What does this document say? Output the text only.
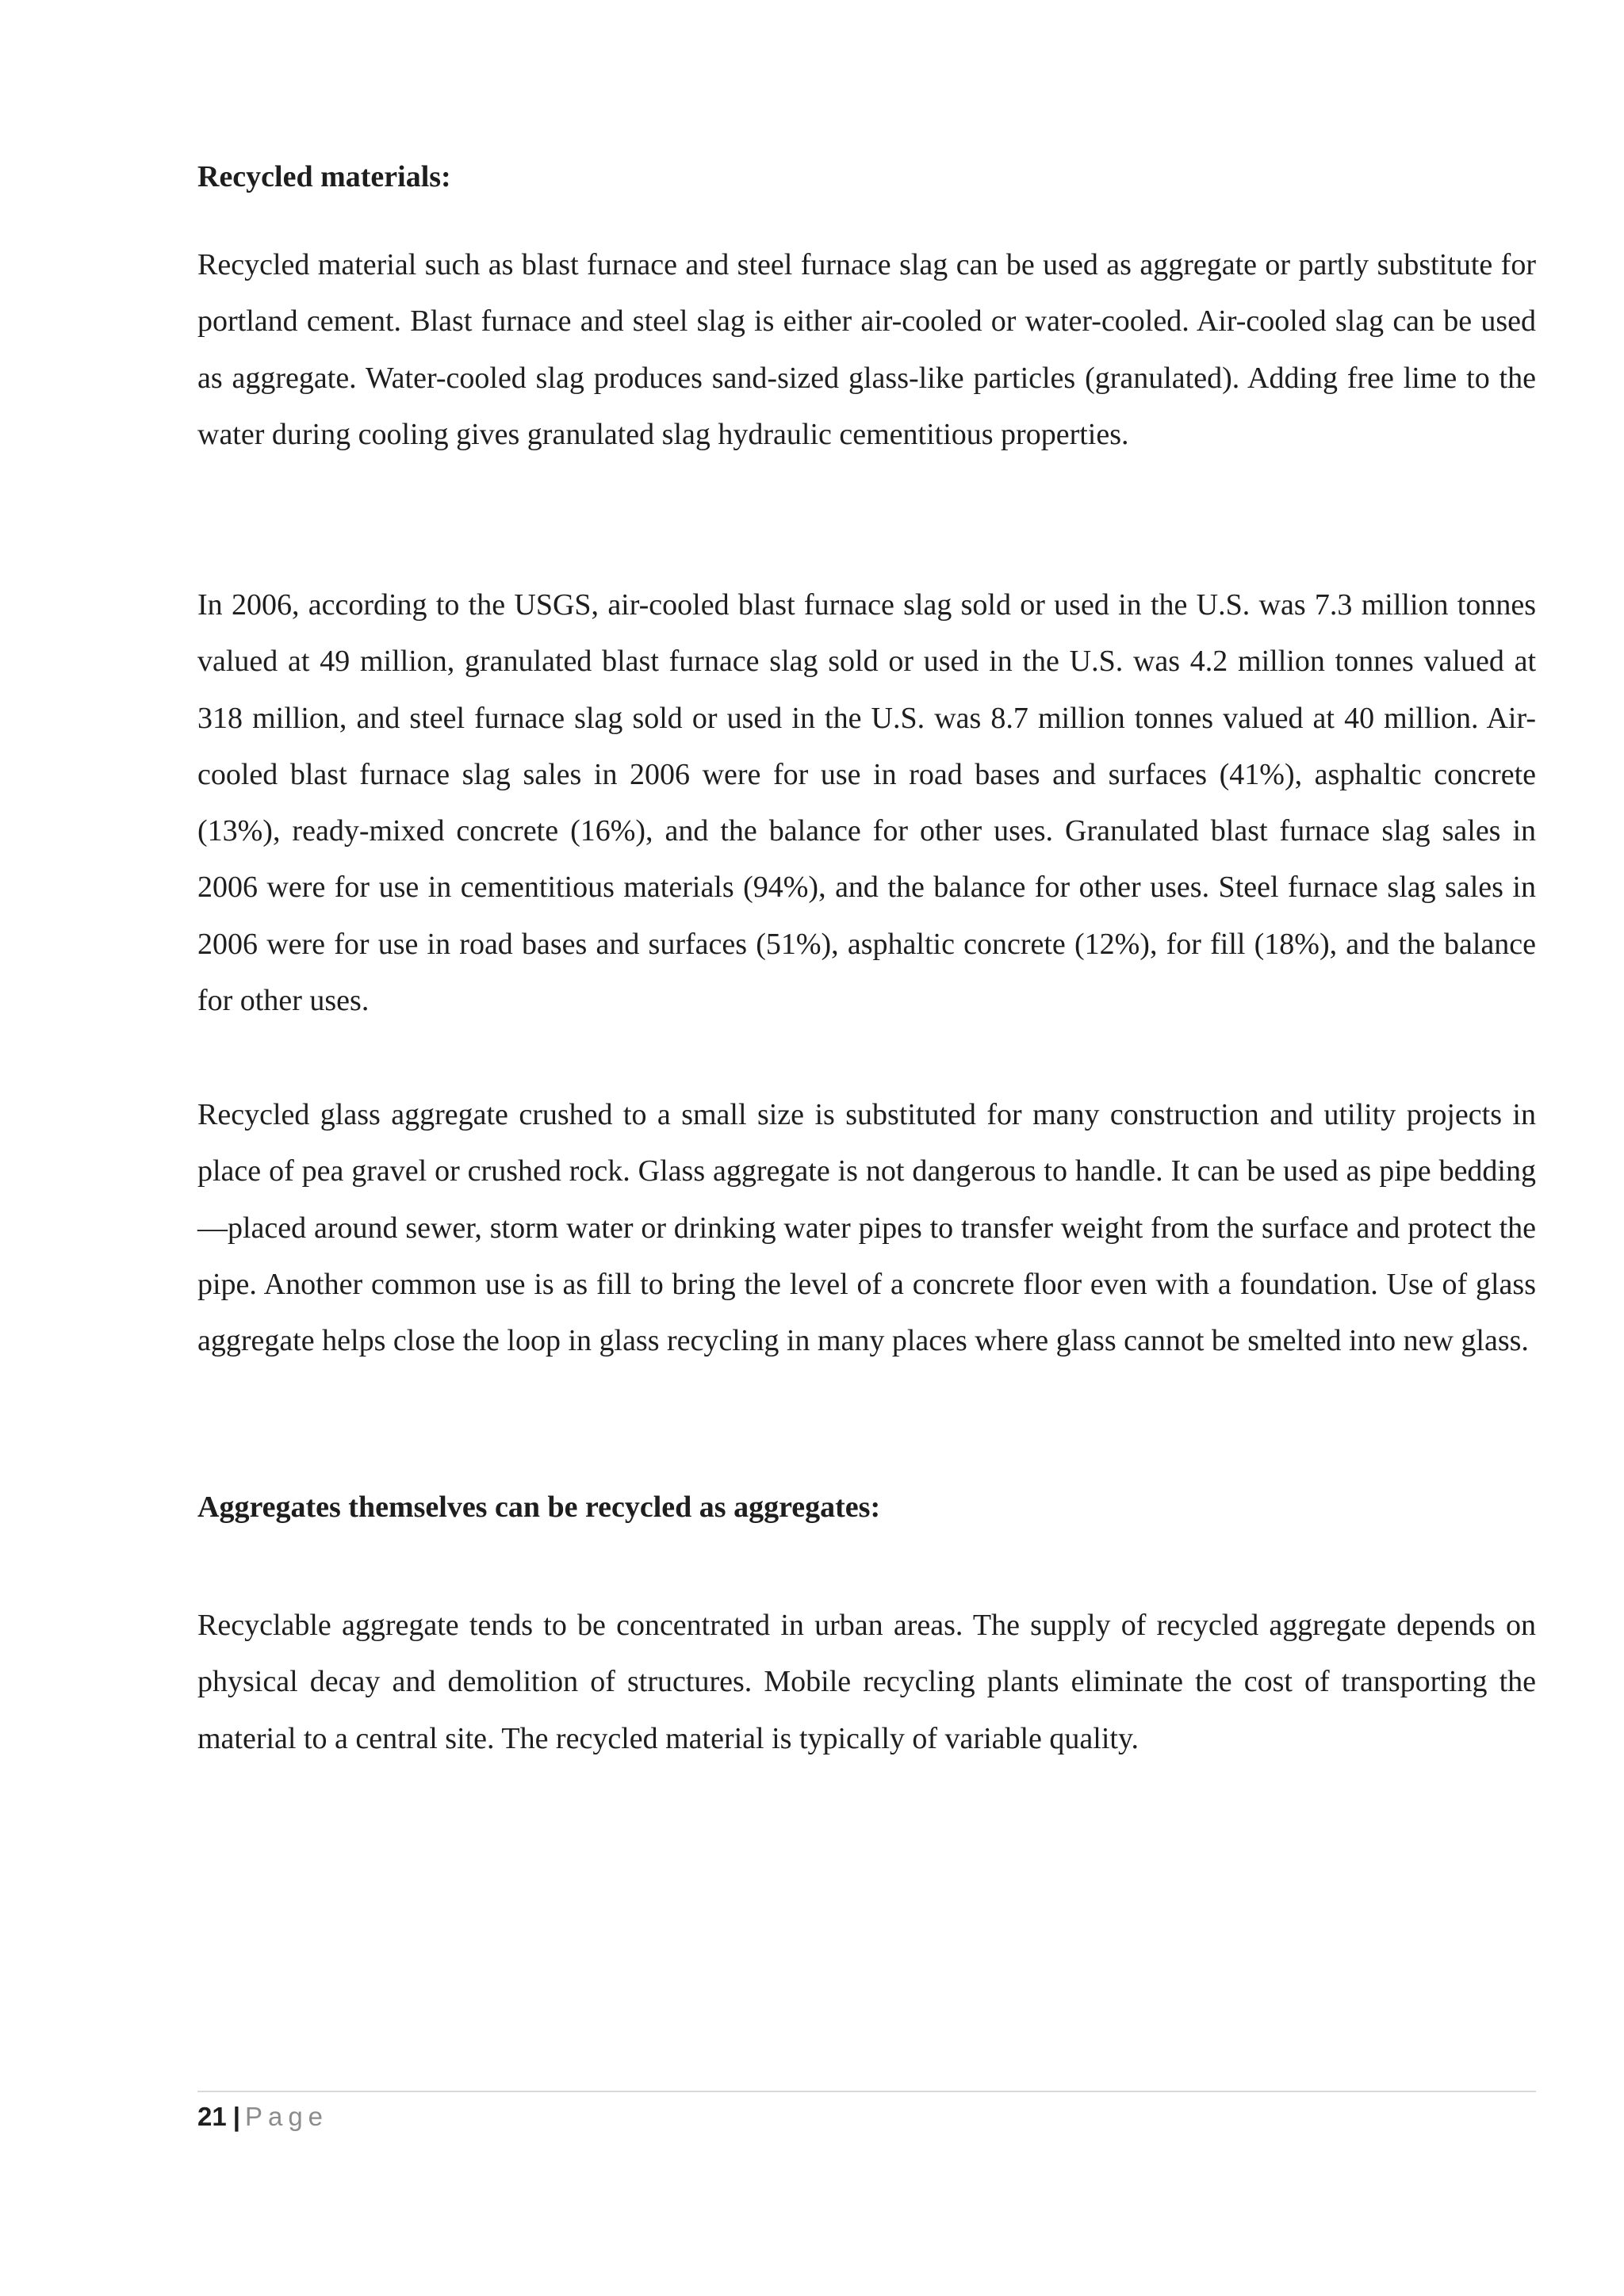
Recycled materials:

Recycled material such as blast furnace and steel furnace slag can be used as aggregate or partly substitute for portland cement. Blast furnace and steel slag is either air-cooled or water-cooled. Air-cooled slag can be used as aggregate. Water-cooled slag produces sand-sized glass-like particles (granulated). Adding free lime to the water during cooling gives granulated slag hydraulic cementitious properties.

In 2006, according to the USGS, air-cooled blast furnace slag sold or used in the U.S. was 7.3 million tonnes valued at 49 million, granulated blast furnace slag sold or used in the U.S. was 4.2 million tonnes valued at 318 million, and steel furnace slag sold or used in the U.S. was 8.7 million tonnes valued at 40 million. Air-cooled blast furnace slag sales in 2006 were for use in road bases and surfaces (41%), asphaltic concrete (13%), ready-mixed concrete (16%), and the balance for other uses. Granulated blast furnace slag sales in 2006 were for use in cementitious materials (94%), and the balance for other uses. Steel furnace slag sales in 2006 were for use in road bases and surfaces (51%), asphaltic concrete (12%), for fill (18%), and the balance for other uses.

Recycled glass aggregate crushed to a small size is substituted for many construction and utility projects in place of pea gravel or crushed rock. Glass aggregate is not dangerous to handle. It can be used as pipe bedding—placed around sewer, storm water or drinking water pipes to transfer weight from the surface and protect the pipe. Another common use is as fill to bring the level of a concrete floor even with a foundation. Use of glass aggregate helps close the loop in glass recycling in many places where glass cannot be smelted into new glass.

Aggregates themselves can be recycled as aggregates:

Recyclable aggregate tends to be concentrated in urban areas. The supply of recycled aggregate depends on physical decay and demolition of structures. Mobile recycling plants eliminate the cost of transporting the material to a central site. The recycled material is typically of variable quality.

21 | Page
